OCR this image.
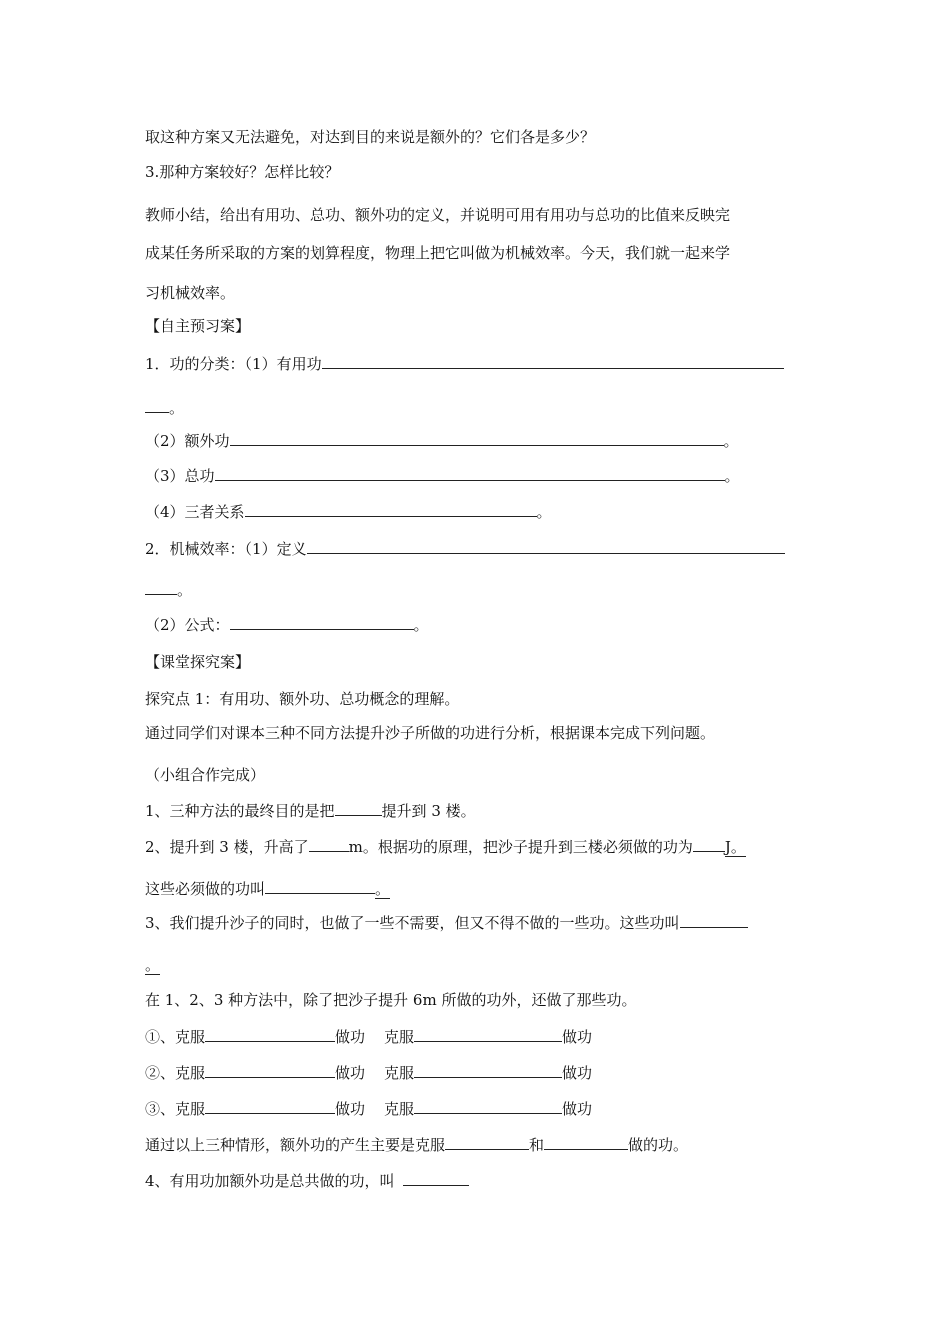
取这种方案又无法避免，对达到目的来说是额外的？它们各是多少？
3.那种方案较好？怎样比较？
教师小结，给出有用功、总功、额外功的定义，并说明可用有用功与总功的比值来反映完
成某任务所采取的方案的划算程度，物理上把它叫做为机械效率。今天，我们就一起来学
习机械效率。
【自主预习案】
1．功的分类：（1）有用功
。
（2）额外功	。
（3）总功	。
（4）三者关系	。
2．机械效率：（1）定义
。
（2）公式：	。
【课堂探究案】
探究点 1：有用功、额外功、总功概念的理解。
通过同学们对课本三种不同方法提升沙子所做的功进行分析，根据课本完成下列问题。
（小组合作完成）
1、三种方法的最终目的是把	提升到 3 楼。
2、提升到 3 楼，升高了	m。根据功的原理，把沙子提升到三楼必须做的功为 J。
这些必须做的功叫	。
3、我们提升沙子的同时，也做了一些不需要，但又不得不做的一些功。这些功叫
。
在 1、2、3 种方法中，除了把沙子提升 6m 所做的功外，还做了那些功。
①、克服	做功 克服	做功
②、克服	做功 克服	做功
③、克服	做功 克服	做功
通过以上三种情形，额外功的产生主要是克服	和	做的功。
4、有用功加额外功是总共做的功，叫
